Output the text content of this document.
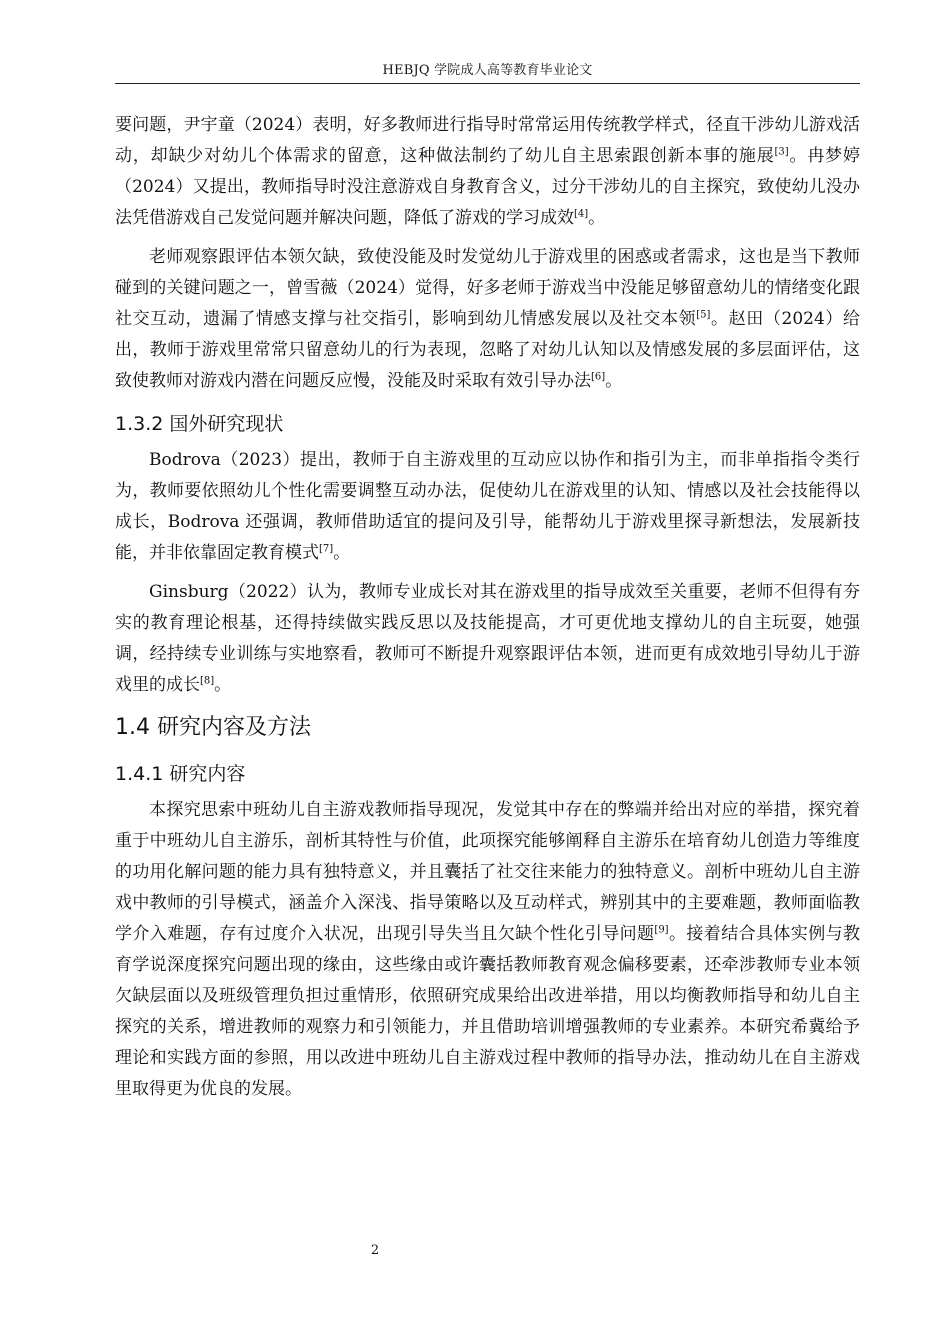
HEBJQ 学院成人高等教育毕业论文

要问题，尹宇童（2024）表明，好多教师进行指导时常常运用传统教学样式，径直干涉幼儿游戏活动，却缺少对幼儿个体需求的留意，这种做法制约了幼儿自主思索跟创新本事的施展[3]。冉梦婷（2024）又提出，教师指导时没注意游戏自身教育含义，过分干涉幼儿的自主探究，致使幼儿没办法凭借游戏自己发觉问题并解决问题，降低了游戏的学习成效[4]。

老师观察跟评估本领欠缺，致使没能及时发觉幼儿于游戏里的困惑或者需求，这也是当下教师碰到的关键问题之一，曾雪薇（2024）觉得，好多老师于游戏当中没能足够留意幼儿的情绪变化跟社交互动，遗漏了情感支撑与社交指引，影响到幼儿情感发展以及社交本领[5]。赵田（2024）给出，教师于游戏里常常只留意幼儿的行为表现，忽略了对幼儿认知以及情感发展的多层面评估，这致使教师对游戏内潜在问题反应慢，没能及时采取有效引导办法[6]。

1.3.2 国外研究现状

Bodrova（2023）提出，教师于自主游戏里的互动应以协作和指引为主，而非单指指令类行为，教师要依照幼儿个性化需要调整互动办法，促使幼儿在游戏里的认知、情感以及社会技能得以成长，Bodrova 还强调，教师借助适宜的提问及引导，能帮幼儿于游戏里探寻新想法，发展新技能，并非依靠固定教育模式[7]。

Ginsburg（2022）认为，教师专业成长对其在游戏里的指导成效至关重要，老师不但得有夯实的教育理论根基，还得持续做实践反思以及技能提高，才可更优地支撑幼儿的自主玩耍，她强调，经持续专业训练与实地察看，教师可不断提升观察跟评估本领，进而更有成效地引导幼儿于游戏里的成长[8]。

1.4 研究内容及方法
1.4.1 研究内容

本探究思索中班幼儿自主游戏教师指导现况，发觉其中存在的弊端并给出对应的举措，探究着重于中班幼儿自主游乐，剖析其特性与价值，此项探究能够阐释自主游乐在培育幼儿创造力等维度的功用化解问题的能力具有独特意义，并且囊括了社交往来能力的独特意义。剖析中班幼儿自主游戏中教师的引导模式，涵盖介入深浅、指导策略以及互动样式，辨别其中的主要难题，教师面临教学介入难题，存有过度介入状况，出现引导失当且欠缺个性化引导问题[9]。接着结合具体实例与教育学说深度探究问题出现的缘由，这些缘由或许囊括教师教育观念偏移要素，还牵涉教师专业本领欠缺层面以及班级管理负担过重情形，依照研究成果给出改进举措，用以均衡教师指导和幼儿自主探究的关系，增进教师的观察力和引领能力，并且借助培训增强教师的专业素养。本研究希冀给予理论和实践方面的参照，用以改进中班幼儿自主游戏过程中教师的指导办法，推动幼儿在自主游戏里取得更为优良的发展。

2
